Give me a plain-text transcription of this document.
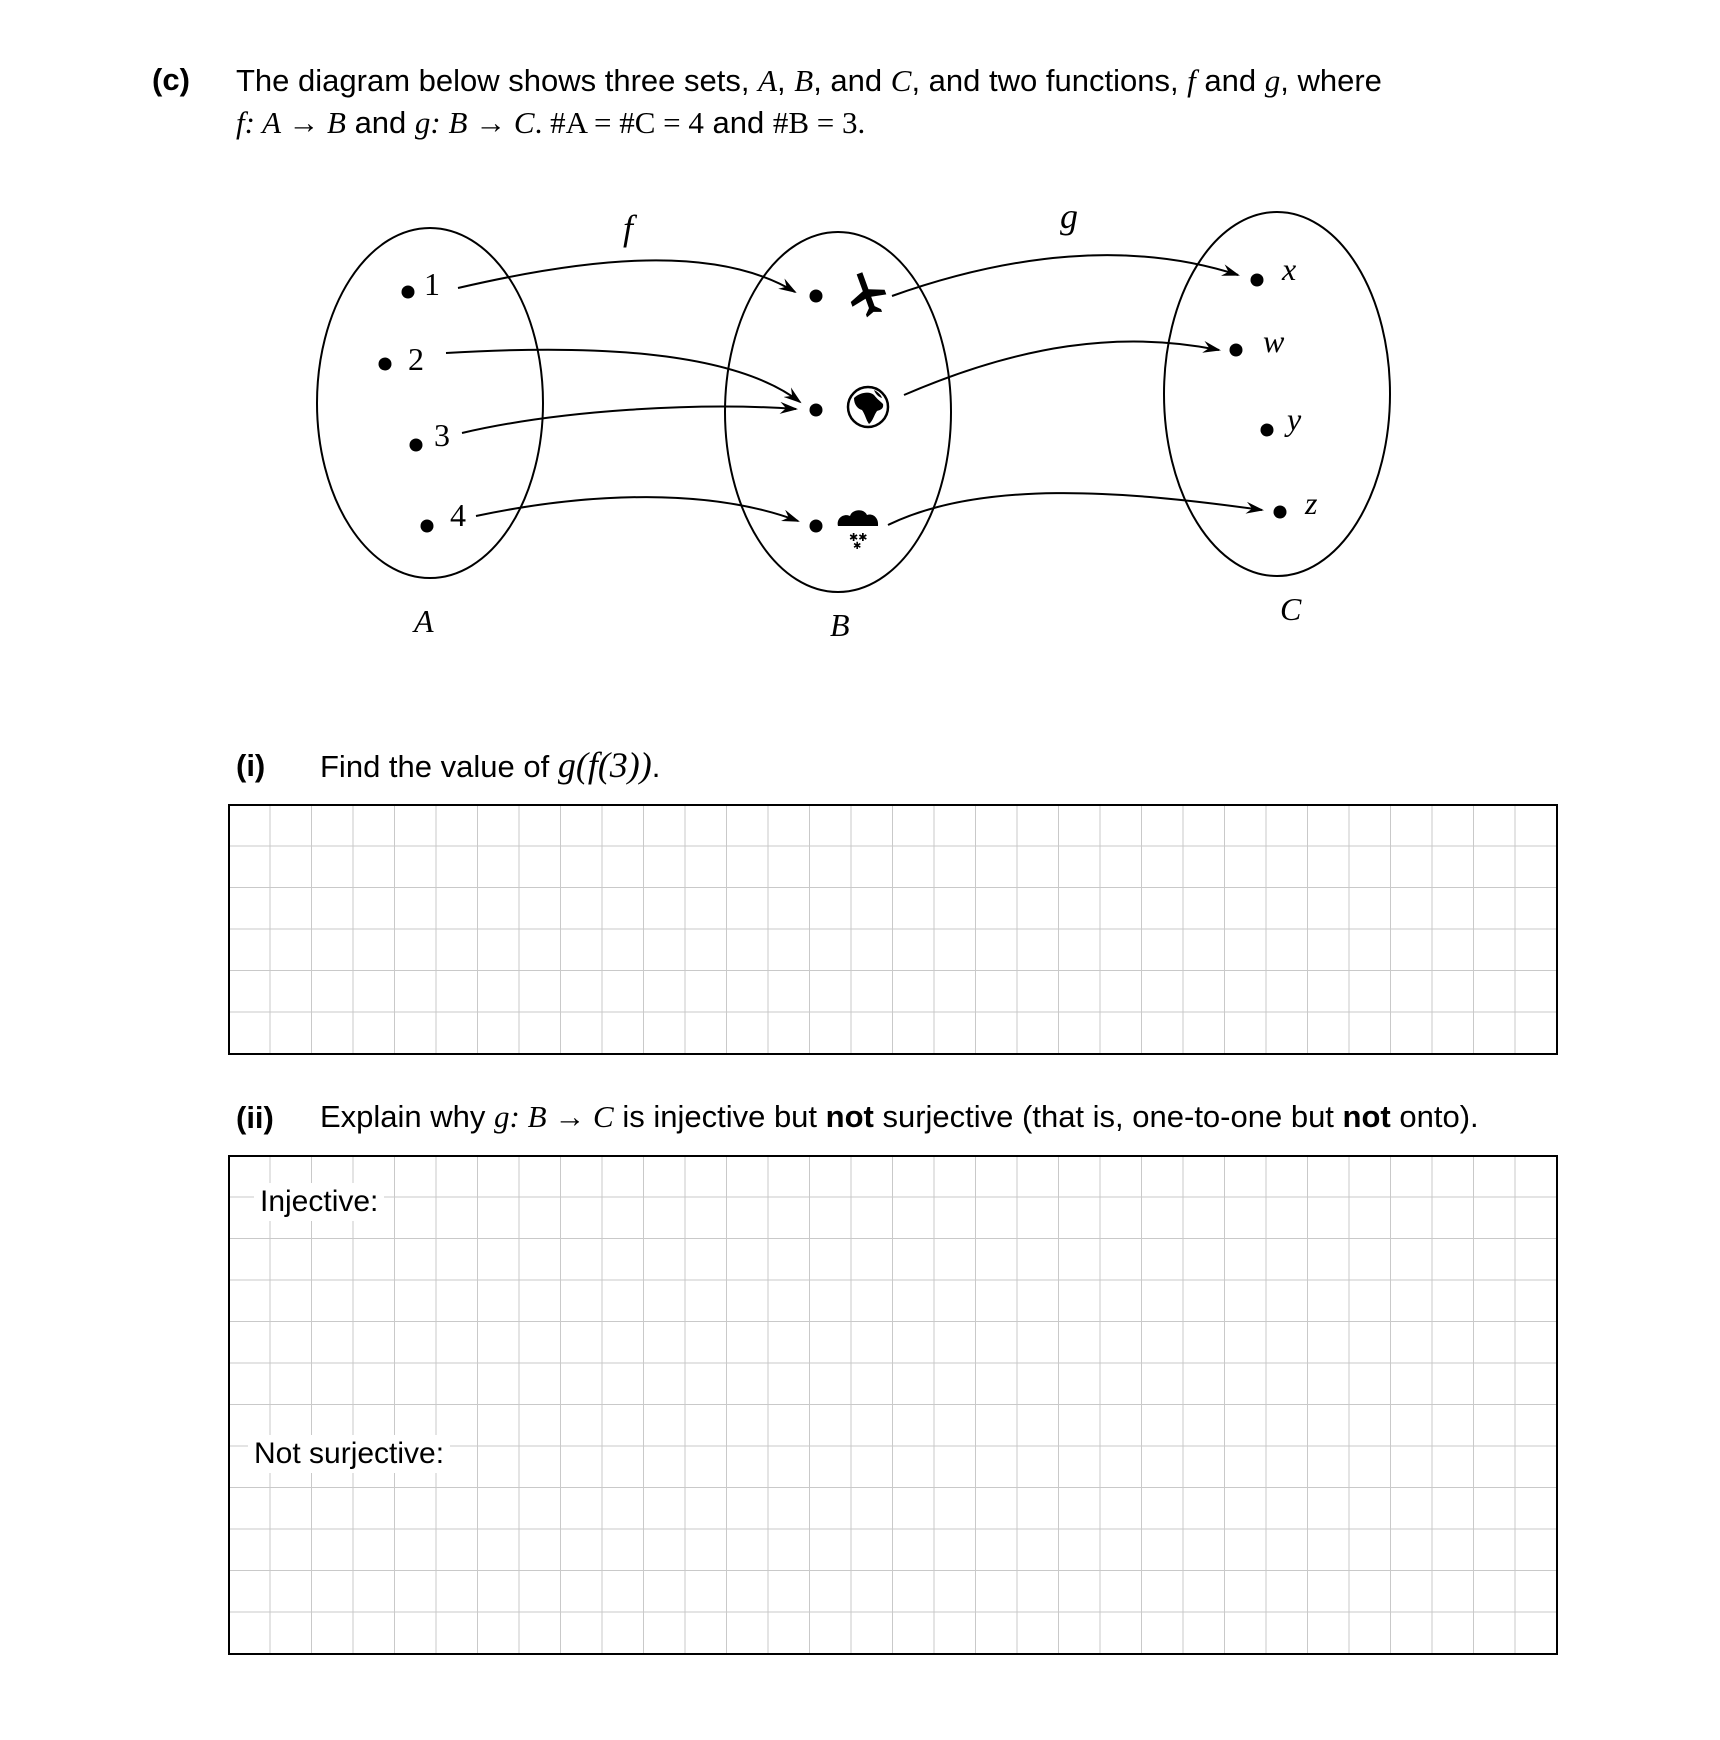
(c) The diagram below shows three sets, A, B, and C, and two functions, f and g, where
f: A → B and g: B → C. #A = #C = 4 and #B = 3.
f	g
1
2
3
4
x
w
y
z
A	B	C
✱✱
✱
(i) Find the value of g(f(3)).
(ii) Explain why g: B → C is injective but not surjective (that is, one-to-one but not onto).
Injective:
Not surjective:
